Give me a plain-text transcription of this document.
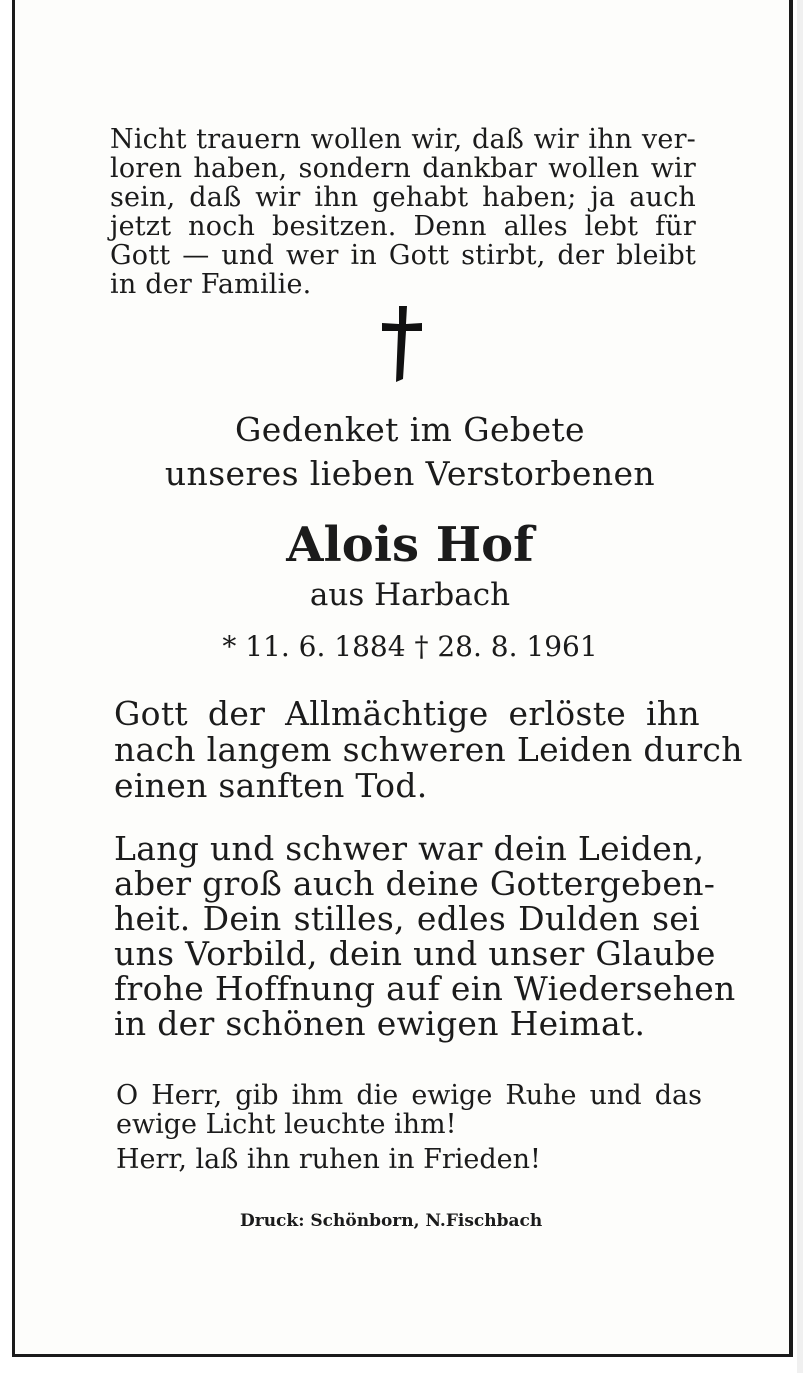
Nicht trauern wollen wir, daß wir ihn ver-
loren haben, sondern dankbar wollen wir
sein, daß wir ihn gehabt haben; ja auch
jetzt noch besitzen. Denn alles lebt für
Gott — und wer in Gott stirbt, der bleibt
in der Familie.
Gedenket im Gebete
unseres lieben Verstorbenen
Alois Hof
aus Harbach
* 11. 6. 1884 † 28. 8. 1961
Gott der Allmächtige erlöste ihn
nach langem schweren Leiden durch
einen sanften Tod.
Lang und schwer war dein Leiden,
aber groß auch deine Gottergeben-
heit. Dein stilles, edles Dulden sei
uns Vorbild, dein und unser Glaube
frohe Hoffnung auf ein Wiedersehen
in der schönen ewigen Heimat.
O Herr, gib ihm die ewige Ruhe und das
ewige Licht leuchte ihm!
Herr, laß ihn ruhen in Frieden!
Druck: Schönborn, N.Fischbach
